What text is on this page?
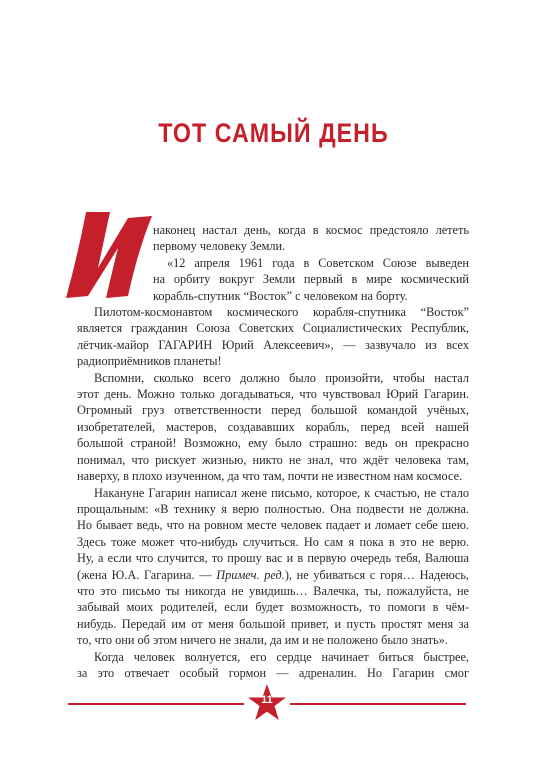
ТОТ САМЫЙ ДЕНЬ

наконец настал день, когда в космос предстояло лететь
первому человеку Земли.

«12 апреля 1961 года в Советском Союзе выведен
на орбиту вокруг Земли первый в мире космический
корабль-спутник “Восток” с человеком на борту.

Пилотом-космонавтом космического корабля-спутника “Восток”
является гражданин Союза Советских Социалистических Республик,
лётчик-майор ГАГАРИН Юрий Алексеевич», — зазвучало из всех
радиоприёмников планеты!

Вспомни, сколько всего должно было произойти, чтобы настал
этот день. Можно только догадываться, что чувствовал Юрий Гагарин.
Огромный груз ответственности перед большой командой учёных,
изобретателей, мастеров, создававших корабль, перед всей нашей
большой страной! Возможно, ему было страшно: ведь он прекрасно
понимал, что рискует жизнью, никто не знал, что ждёт человека там,
наверху, в плохо изученном, да что там, почти не известном нам космосе.

Накануне Гагарин написал жене письмо, которое, к счастью, не стало
прощальным: «В технику я верю полностью. Она подвести не должна.
Но бывает ведь, что на ровном месте человек падает и ломает себе шею.
Здесь тоже может что-нибудь случиться. Но сам я пока в это не верю.
Ну, а если что случится, то прошу вас и в первую очередь тебя, Валюша
(жена Ю.А. Гагарина. — Примеч. ред.), не убиваться с горя… Надеюсь,
что это письмо ты никогда не увидишь… Валечка, ты, пожалуйста, не
забывай моих родителей, если будет возможность, то помоги в чём-
нибудь. Передай им от меня большой привет, и пусть простят меня за
то, что они об этом ничего не знали, да им и не положено было знать».

Когда человек волнуется, его сердце начинает биться быстрее,
за это отвечает особый гормон — адреналин. Но Гагарин смог

11
